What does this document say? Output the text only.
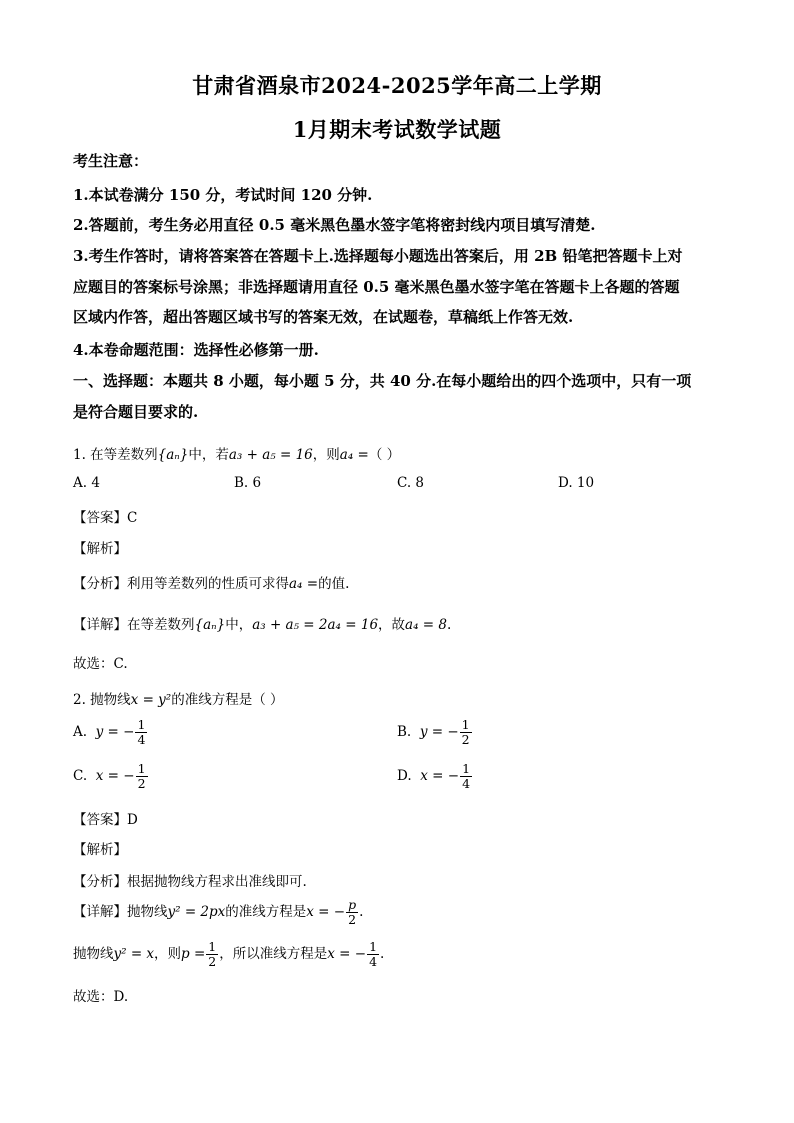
甘肃省酒泉市2024-2025学年高二上学期
1月期末考试数学试题
考生注意：
1.本试卷满分 150 分，考试时间 120 分钟.
2.答题前，考生务必用直径 0.5 毫米黑色墨水签字笔将密封线内项目填写清楚.
3.考生作答时，请将答案答在答题卡上.选择题每小题选出答案后，用 2B 铅笔把答题卡上对
应题目的答案标号涂黑；非选择题请用直径 0.5 毫米黑色墨水签字笔在答题卡上各题的答题
区域内作答，超出答题区域书写的答案无效，在试题卷，草稿纸上作答无效.
4.本卷命题范围：选择性必修第一册.
一、选择题：本题共 8 小题，每小题 5 分，共 40 分.在每小题给出的四个选项中，只有一项
是符合题目要求的.
1. 在等差数列{aₙ}中，若a₃ + a₅ = 16，则a₄ =（ ）
A. 4	B. 6	C. 8	D. 10
【答案】C
【解析】
【分析】利用等差数列的性质可求得a₄ =的值.
【详解】在等差数列{aₙ}中，a₃ + a₅ = 2a₄ = 16，故a₄ = 8.
故选：C.
2. 抛物线x = y²的准线方程是（ ）
A. y = − $\frac{1}{4}$	B. y = − $\frac{1}{2}$
C. x = − $\frac{1}{2}$	D. x = − $\frac{1}{4}$
【答案】D
【解析】
【分析】根据抛物线方程求出准线即可.
【详解】抛物线y² = 2px的准线方程是x = − $\frac{p}{2}$ .
抛物线y² = x，则$p = \frac{1}{2}$ ，所以准线方程是x = − $\frac{1}{4}$ .
故选：D.
